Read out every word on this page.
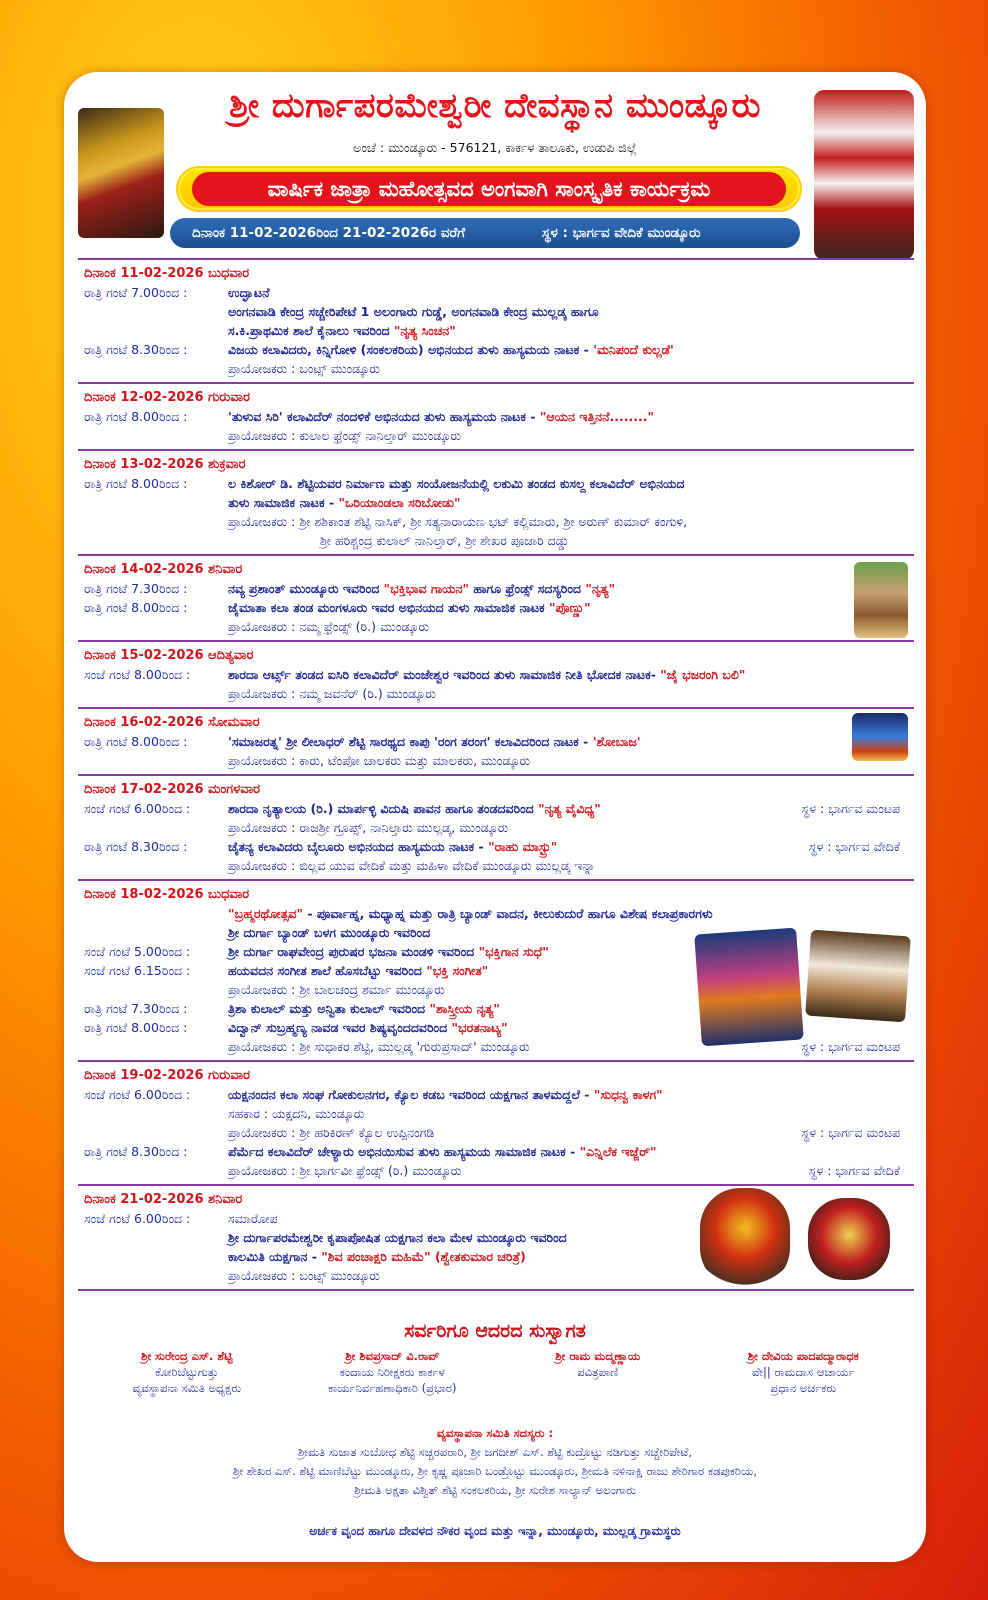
ಶ್ರೀ ದುರ್ಗಾಪರಮೇಶ್ವರೀ ದೇವಸ್ಥಾನ ಮುಂಡ್ಕೂರು
ಅಂಚೆ : ಮುಂಡ್ಕೂರು - 576121, ಕಾರ್ಕಳ ತಾಲೂಕು, ಉಡುಪಿ ಜಿಲ್ಲೆ
ವಾರ್ಷಿಕ ಜಾತ್ರಾ ಮಹೋತ್ಸವದ ಅಂಗವಾಗಿ ಸಾಂಸ್ಕೃತಿಕ ಕಾರ್ಯಕ್ರಮ
ದಿನಾಂಕ 11-02-2026ರಿಂದ 21-02-2026ರ ವರೆಗೆ	ಸ್ಥಳ : ಭಾರ್ಗವ ವೇದಿಕೆ ಮುಂಡ್ಕೂರು
ದಿನಾಂಕ 11-02-2026 ಬುಧವಾರ
ರಾತ್ರಿ ಗಂಟೆ 7.00ರಿಂದ :	ಉದ್ಘಾಟನೆ
ಅಂಗನವಾಡಿ ಕೇಂದ್ರ ಸಚ್ಚೇರಿಪೇಟೆ 1 ಅಲಂಗಾರು ಗುಡ್ಡೆ, ಅಂಗನವಾಡಿ ಕೇಂದ್ರ ಮುಲ್ಲಡ್ಕ ಹಾಗೂ
ಸ.ಕಿ.ಪ್ರಾಥಮಿಕ ಶಾಲೆ ಕೈನಾಲು ಇವರಿಂದ "ನೃತ್ಯ ಸಿಂಚನ"
ರಾತ್ರಿ ಗಂಟೆ 8.30ರಿಂದ :	ವಿಜಯ ಕಲಾವಿದರು, ಕಿನ್ನಿಗೋಳಿ (ಸಂಕಲಕರಿಯ) ಅಭಿನಯದ ತುಳು ಹಾಸ್ಯಮಯ ನಾಟಕ - 'ಮನಿಪಂದೆ ಕುಲ್ಲಡೆ'
ಪ್ರಾಯೋಜಕರು : ಬಂಟ್ಸ್ ಮುಂಡ್ಕೂರು
ದಿನಾಂಕ 12-02-2026 ಗುರುವಾರ
ರಾತ್ರಿ ಗಂಟೆ 8.00ರಿಂದ :	'ತುಳುವ ಸಿರಿ' ಕಲಾವಿದೆರ್ ನಂದಳಿಕೆ ಅಭಿನಯದ ತುಳು ಹಾಸ್ಯಮಯ ನಾಟಕ - "ಆಯನ ಇತ್ತಿನನೆ........"
ಪ್ರಾಯೋಜಕರು : ಕುಲಾಲ ಫ್ರೆಂಡ್ಸ್ ನಾನಿಲ್ತಾರ್ ಮುಂಡ್ಕೂರು
ದಿನಾಂಕ 13-02-2026 ಶುಕ್ರವಾರ
ರಾತ್ರಿ ಗಂಟೆ 8.00ರಿಂದ :	ಲ ಕಿಶೋರ್ ಡಿ. ಶೆಟ್ಟಿಯವರ ನಿರ್ಮಾಣ ಮತ್ತು ಸಂಯೋಜನೆಯಲ್ಲಿ ಲಕುಮಿ ತಂಡದ ಕುಸಲ್ದ ಕಲಾವಿದೆರ್ ಅಭಿನಯದ
ತುಳು ಸಾಮಾಜಿಕ ನಾಟಕ - "ಒರಿಯಾಂಡಲಾ ಸರಿಬೋಡು"
ಪ್ರಾಯೋಜಕರು : ಶ್ರೀ ಶಶಿಕಾಂತ ಶೆಟ್ಟಿ ನಾಸಿಕ್, ಶ್ರೀ ಸತ್ಯನಾರಾಯಣ ಭಟ್ ಕಲ್ಲಿಮಾರು, ಶ್ರೀ ಅರುಣ್ ಕುಮಾರ್ ಕಂಗುಳಿ,
ಶ್ರೀ ಹರಿಶ್ಚಂದ್ರ ಕುಲಾಲ್ ನಾನಿಲ್ತಾರ್, ಶ್ರೀ ಶೇಖರ ಪೂಜಾರಿ ದಡ್ಡು
ದಿನಾಂಕ 14-02-2026 ಶನಿವಾರ
ರಾತ್ರಿ ಗಂಟೆ 7.30ರಿಂದ :	ನವ್ಯ ಪ್ರಶಾಂತ್ ಮುಂಡ್ಕೂರು ಇವರಿಂದ "ಭಕ್ತಿಭಾವ ಗಾಯನ" ಹಾಗೂ ಫ್ರೆಂಡ್ಸ್ ಸದಸ್ಯರಿಂದ "ನೃತ್ಯ"
ರಾತ್ರಿ ಗಂಟೆ 8.00ರಿಂದ :	ಜೈಮಾತಾ ಕಲಾ ತಂಡ ಮಂಗಳೂರು ಇವರ ಅಭಿನಯದ ತುಳು ಸಾಮಾಜಿಕ ನಾಟಕ "ಪೊಣ್ಣು"
ಪ್ರಾಯೋಜಕರು : ನಮ್ಮ ಫ್ರೆಂಡ್ಸ್ (ರಿ.) ಮುಂಡ್ಕೂರು
ದಿನಾಂಕ 15-02-2026 ಆದಿತ್ಯವಾರ
ಸಂಜೆ ಗಂಟೆ 8.00ರಿಂದ :	ಶಾರದಾ ಆರ್ಟ್ಸ್ ತಂಡದ ಐಸಿರಿ ಕಲಾವಿದೆರ್ ಮಂಜೇಶ್ವರ ಇವರಿಂದ ತುಳು ಸಾಮಾಜಿಕ ನೀತಿ ಭೋದಕ ನಾಟಕ- "ಜೈ ಭಜರಂಗಿ ಬಲಿ"
ಪ್ರಾಯೋಜಕರು : ನಮ್ಮ ಜವನೆರ್ (ರಿ.) ಮುಂಡ್ಕೂರು
ದಿನಾಂಕ 16-02-2026 ಸೋಮವಾರ
ರಾತ್ರಿ ಗಂಟೆ 8.00ರಿಂದ :	'ಸಮಾಜರತ್ನ' ಶ್ರೀ ಲೀಲಾಧರ್ ಶೆಟ್ಟಿ ಸಾರಥ್ಯದ ಕಾಪು 'ರಂಗ ತರಂಗ' ಕಲಾವಿದರಿಂದ ನಾಟಕ - 'ಶೋಬಾಜ'
ಪ್ರಾಯೋಜಕರು : ಕಾರು, ಟೆಂಪೋ ಚಾಲಕರು ಮತ್ತು ಮಾಲಕರು, ಮುಂಡ್ಕೂರು
ದಿನಾಂಕ 17-02-2026 ಮಂಗಳವಾರ
ಸಂಜೆ ಗಂಟೆ 6.00ರಿಂದ :	ಶಾರದಾ ನೃತ್ಯಾಲಯ (ರಿ.) ಮಾರ್ಪಳ್ಳಿ ವಿದುಷಿ ಪಾವನ ಹಾಗೂ ತಂಡದವರಿಂದ "ನೃತ್ಯ ವೈವಿಧ್ಯ"	ಸ್ಥಳ : ಭಾರ್ಗವ ಮಂಟಪ
ಪ್ರಾಯೋಜಕರು : ರಾಜಶ್ರೀ ಗ್ರೂಪ್ಸ್, ನಾನಿಲ್ತಾರು ಮುಲ್ಲಡ್ಕ, ಮುಂಡ್ಕೂರು
ರಾತ್ರಿ ಗಂಟೆ 8.30ರಿಂದ :	ಚೈತನ್ಯ ಕಲಾವಿದರು ಬೈಲೂರು ಅಭಿನಯದ ಹಾಸ್ಯಮಯ ನಾಟಕ - "ರಾಹು ಮಾಸ್ಟ್ರು"	ಸ್ಥಳ : ಭಾರ್ಗವ ವೇದಿಕೆ
ಪ್ರಾಯೋಜಕರು : ಬಿಲ್ಲವ ಯುವ ವೇದಿಕೆ ಮತ್ತು ಮಹಿಳಾ ವೇದಿಕೆ ಮುಂಡ್ಕೂರು ಮುಲ್ಲಡ್ಕ ಇನ್ನಾ
ದಿನಾಂಕ 18-02-2026 ಬುಧವಾರ
"ಬ್ರಹ್ಮರಥೋತ್ಸವ" - ಪೂರ್ವಾಹ್ನ, ಮಧ್ಯಾಹ್ನ ಮತ್ತು ರಾತ್ರಿ ಬ್ಯಾಂಡ್ ವಾದನ, ಕೀಲುಕುದುರೆ ಹಾಗೂ ವಿಶೇಷ ಕಲಾಪ್ರಕಾರಗಳು
ಶ್ರೀ ದುರ್ಗಾ ಬ್ಯಾಂಡ್ ಬಳಗ ಮುಂಡ್ಕೂರು ಇವರಿಂದ
ಸಂಜೆ ಗಂಟೆ 5.00ರಿಂದ :	ಶ್ರೀ ದುರ್ಗಾ ರಾಘವೇಂದ್ರ ಪುರುಷರ ಭಜನಾ ಮಂಡಳಿ ಇವರಿಂದ "ಭಕ್ತಿಗಾನ ಸುಧೆ"
ಸಂಜೆ ಗಂಟೆ 6.15ರಿಂದ :	ಹಯವದನ ಸಂಗೀತ ಶಾಲೆ ಹೊಸಬೆಟ್ಟು ಇವರಿಂದ "ಭಕ್ತಿ ಸಂಗೀತ"
ಪ್ರಾಯೋಜಕರು : ಶ್ರೀ ಬಾಲಚಂದ್ರ ಶರ್ಮಾ ಮುಂಡ್ಕೂರು
ರಾತ್ರಿ ಗಂಟೆ 7.30ರಿಂದ :	ತ್ರಿಶಾ ಕುಲಾಲ್ ಮತ್ತು ಅನ್ವಿತಾ ಕುಲಾಲ್ ಇವರಿಂದ "ಶಾಸ್ತ್ರೀಯ ನೃತ್ಯ"
ರಾತ್ರಿ ಗಂಟೆ 8.00ರಿಂದ :	ವಿದ್ವಾನ್ ಸುಬ್ರಹ್ಮಣ್ಯ ನಾವಡ ಇವರ ಶಿಷ್ಯವೃಂದದವರಿಂದ "ಭರತನಾಟ್ಯ"
ಪ್ರಾಯೋಜಕರು : ಶ್ರೀ ಸುಧಾಕರ ಶೆಟ್ಟಿ, ಮುಲ್ಲಡ್ಕ 'ಗುರುಪ್ರಸಾದ್' ಮುಂಡ್ಕೂರು	ಸ್ಥಳ : ಭಾರ್ಗವ ಮಂಟಪ
ದಿನಾಂಕ 19-02-2026 ಗುರುವಾರ
ಸಂಜೆ ಗಂಟೆ 6.00ರಿಂದ :	ಯಕ್ಷನಂದನ ಕಲಾ ಸಂಘ ಗೋಕುಲನಗರ, ಕ್ಯೊಲ ಕಡಬ ಇವರಿಂದ ಯಕ್ಷಗಾನ ತಾಳಮದ್ದಲೆ - "ಸುಧನ್ವ ಕಾಳಗ"
ಸಹಕಾರ : ಯಕ್ಷದನಿ, ಮುಂಡ್ಕೂರು
ಪ್ರಾಯೋಜಕರು : ಶ್ರೀ ಹರಿಕಿರಣ್ ಕ್ಯೊಲ ಉಪ್ಪಿನಂಗಡಿ	ಸ್ಥಳ : ಭಾರ್ಗವ ಮಂಟಪ
ರಾತ್ರಿ ಗಂಟೆ 8.30ರಿಂದ :	ಪೆರ್ಮೆದ ಕಲಾವಿದೆರ್ ಚೇಳ್ಯಾರು ಅಭಿನಯಿಸುವ ತುಳು ಹಾಸ್ಯಮಯ ಸಾಮಾಜಿಕ ನಾಟಕ - "ಎನ್ನಿಲೆಕ ಇಜ್ಜೆರ್"
ಪ್ರಾಯೋಜಕರು : ಶ್ರೀ ಭಾರ್ಗವೀ ಫ್ರೆಂಡ್ಸ್ (ರಿ.) ಮುಂಡ್ಕೂರು	ಸ್ಥಳ : ಭಾರ್ಗವ ವೇದಿಕೆ
ದಿನಾಂಕ 21-02-2026 ಶನಿವಾರ
ಸಂಜೆ ಗಂಟೆ 6.00ರಿಂದ :	ಸಮಾರೋಪ
ಶ್ರೀ ದುರ್ಗಾಪರಮೇಶ್ವರೀ ಕೃಪಾಪೋಷಿತ ಯಕ್ಷಗಾನ ಕಲಾ ಮೇಳ ಮುಂಡ್ಕೂರು ಇವರಿಂದ
ಕಾಲಮಿತಿ ಯಕ್ಷಗಾನ - "ಶಿವ ಪಂಚಾಕ್ಷರಿ ಮಹಿಮೆ" (ಶ್ವೇತಕುಮಾರ ಚರಿತ್ರೆ)
ಪ್ರಾಯೋಜಕರು : ಬಂಟ್ಸ್ ಮುಂಡ್ಕೂರು
ಸರ್ವರಿಗೂ ಆದರದ ಸುಸ್ವಾಗತ
ಶ್ರೀ ಸುರೇಂದ್ರ ಎಸ್. ಶೆಟ್ಟಿ
ಕೋರಿಬೆಟ್ಟುಗುತ್ತು
ವ್ಯವಸ್ಥಾಪನಾ ಸಮಿತಿ ಅಧ್ಯಕ್ಷರು
ಶ್ರೀ ಶಿವಪ್ರಸಾದ್ ವಿ.ರಾವ್
ಕಂದಾಯ ನಿರೀಕ್ಷಕರು ಕಾರ್ಕಳ
ಕಾರ್ಯನಿರ್ವಹಣಾಧಿಕಾರಿ (ಪ್ರಭಾರ)
ಶ್ರೀ ರಾಮ ಮದ್ಮಣ್ಣಾಯ
ಪವಿತ್ರಪಾಣಿ
ಶ್ರೀ ದೇವಿಯ ಪಾದಪದ್ಮಾರಾಧಕ
ವೇ|| ರಾಮದಾಸ ಆಚಾರ್ಯ
ಪ್ರಧಾನ ಅರ್ಚಕರು
ವ್ಯವಸ್ಥಾಪನಾ ಸಮಿತಿ ಸದಸ್ಯರು :
ಶ್ರೀಮತಿ ಸುಜಾತ ಸುಬೋಧ ಶೆಟ್ಟಿ ಸಚ್ಚರಪರಾರಿ, ಶ್ರೀ ಜಗದೀಶ್ ಎಸ್. ಶೆಟ್ಟಿ ಕುದ್ರೊಟ್ಟು ನಡಿಗುತ್ತು ಸಚ್ಚೇರಿಪೇಟೆ,
ಶ್ರೀ ಶೇಖರ ಎಸ್. ಶೆಟ್ಟಿ ಮಾಣಿಬೆಟ್ಟು ಮುಂಡ್ಕೂರು, ಶ್ರೀ ಕೃಷ್ಣ ಪೂಜಾರಿ ಬಂಡ್ರೊಟ್ಟು ಮುಂಡ್ಕೂರು, ಶ್ರೀಮತಿ ನಳಿನಾಕ್ಷಿ ರಾಜು ಶೇರಿಗಾರ ಕಡಪುಕರಿಯ,
ಶ್ರೀಮತಿ ಅಕ್ಷತಾ ವಿಶ್ವಿತ್ ಶೆಟ್ಟಿ ಸಂಕಲಕರಿಯ, ಶ್ರೀ ಸುರೇಶ ಸಾಲ್ಯಾನ್ ಅಲಂಗಾರು
ಅರ್ಚಕ ವೃಂದ ಹಾಗೂ ದೇವಳದ ನೌಕರ ವೃಂದ ಮತ್ತು ಇನ್ನಾ, ಮುಂಡ್ಕೂರು, ಮುಲ್ಲಡ್ಕ ಗ್ರಾಮಸ್ಥರು
